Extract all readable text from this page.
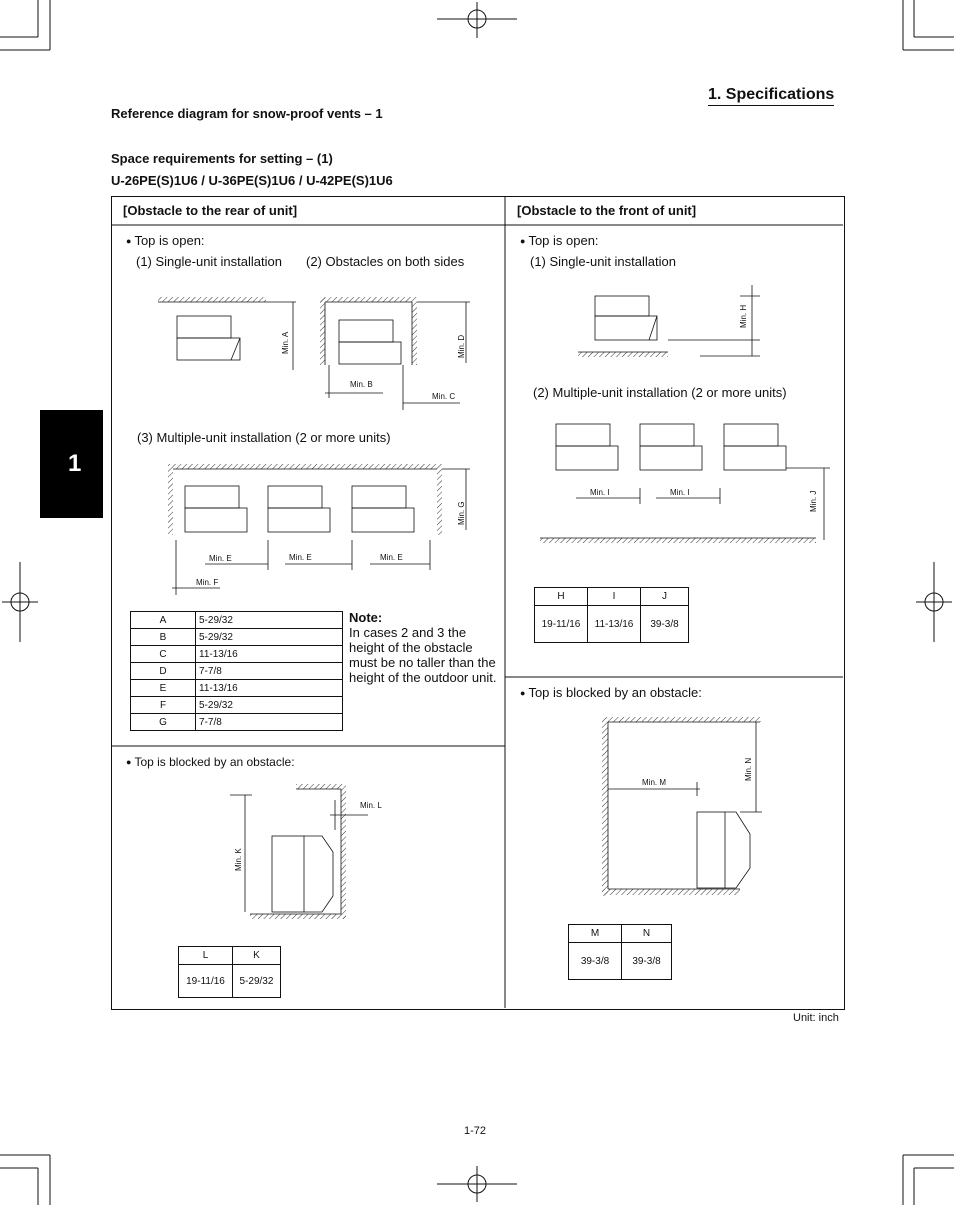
1. Specifications
Reference diagram for snow-proof vents – 1
Space requirements for setting – (1)
U-26PE(S)1U6 / U-36PE(S)1U6 / U-42PE(S)1U6
1
[Obstacle to the rear of unit]
● Top is open:
(1) Single-unit installation (2) Obstacles on both sides
(3) Multiple-unit installation (2 or more units)
Min. A
Min. B
Min. C
Min. D
Min. E	Min. E	Min. E
Min. F
Min. G
Min. K
Min. L
A	5-29/32
B	5-29/32
C	11-13/16
D	7-7/8
E	11-13/16
F	5-29/32
G	7-7/8
Note:
In cases 2 and 3 the height of the obstacle must be no taller than the height of the outdoor unit.
● Top is blocked by an obstacle:
L	K
19-11/16	5-29/32
[Obstacle to the front of unit]
● Top is open:
(1) Single-unit installation
(2) Multiple-unit installation (2 or more units)
Min. H
Min. I	Min. I	Min. J
Min. M
Min. N
H	I	J
19-11/16	11-13/16	39-3/8
● Top is blocked by an obstacle:
M	N
39-3/8	39-3/8
Unit: inch
1-72
